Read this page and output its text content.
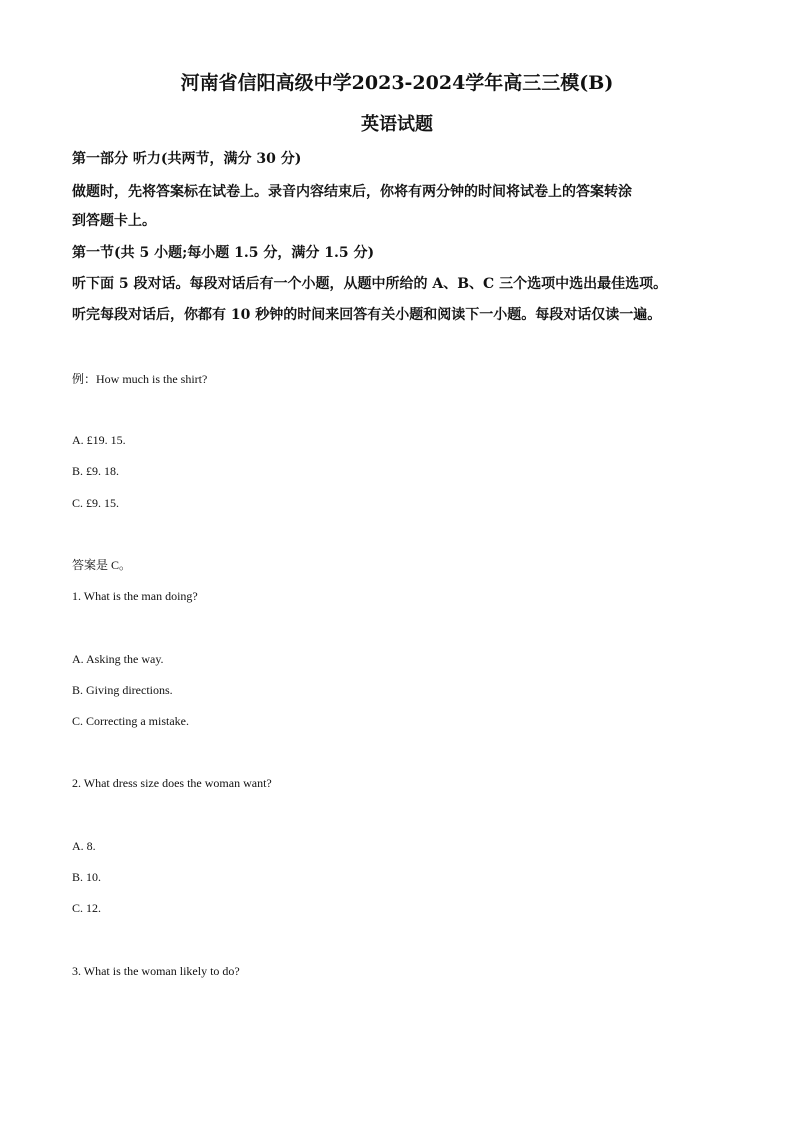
河南省信阳高级中学2023-2024学年高三三模(B)
英语试题
第一部分 听力(共两节，满分 30 分)
做题时，先将答案标在试卷上。录音内容结束后，你将有两分钟的时间将试卷上的答案转涂
到答题卡上。
第一节(共 5 小题;每小题 1.5 分，满分 1.5 分)
听下面 5 段对话。每段对话后有一个小题，从题中所给的 A、B、C 三个选项中选出最佳选项。
听完每段对话后，你都有 10 秒钟的时间来回答有关小题和阅读下一小题。每段对话仅读一遍。
例：How much is the shirt?
A. £19. 15.
B. £9. 18.
C. £9. 15.
答案是 C。
1. What is the man doing?
A. Asking the way.
B. Giving directions.
C. Correcting a mistake.
2. What dress size does the woman want?
A. 8.
B. 10.
C. 12.
3. What is the woman likely to do?
